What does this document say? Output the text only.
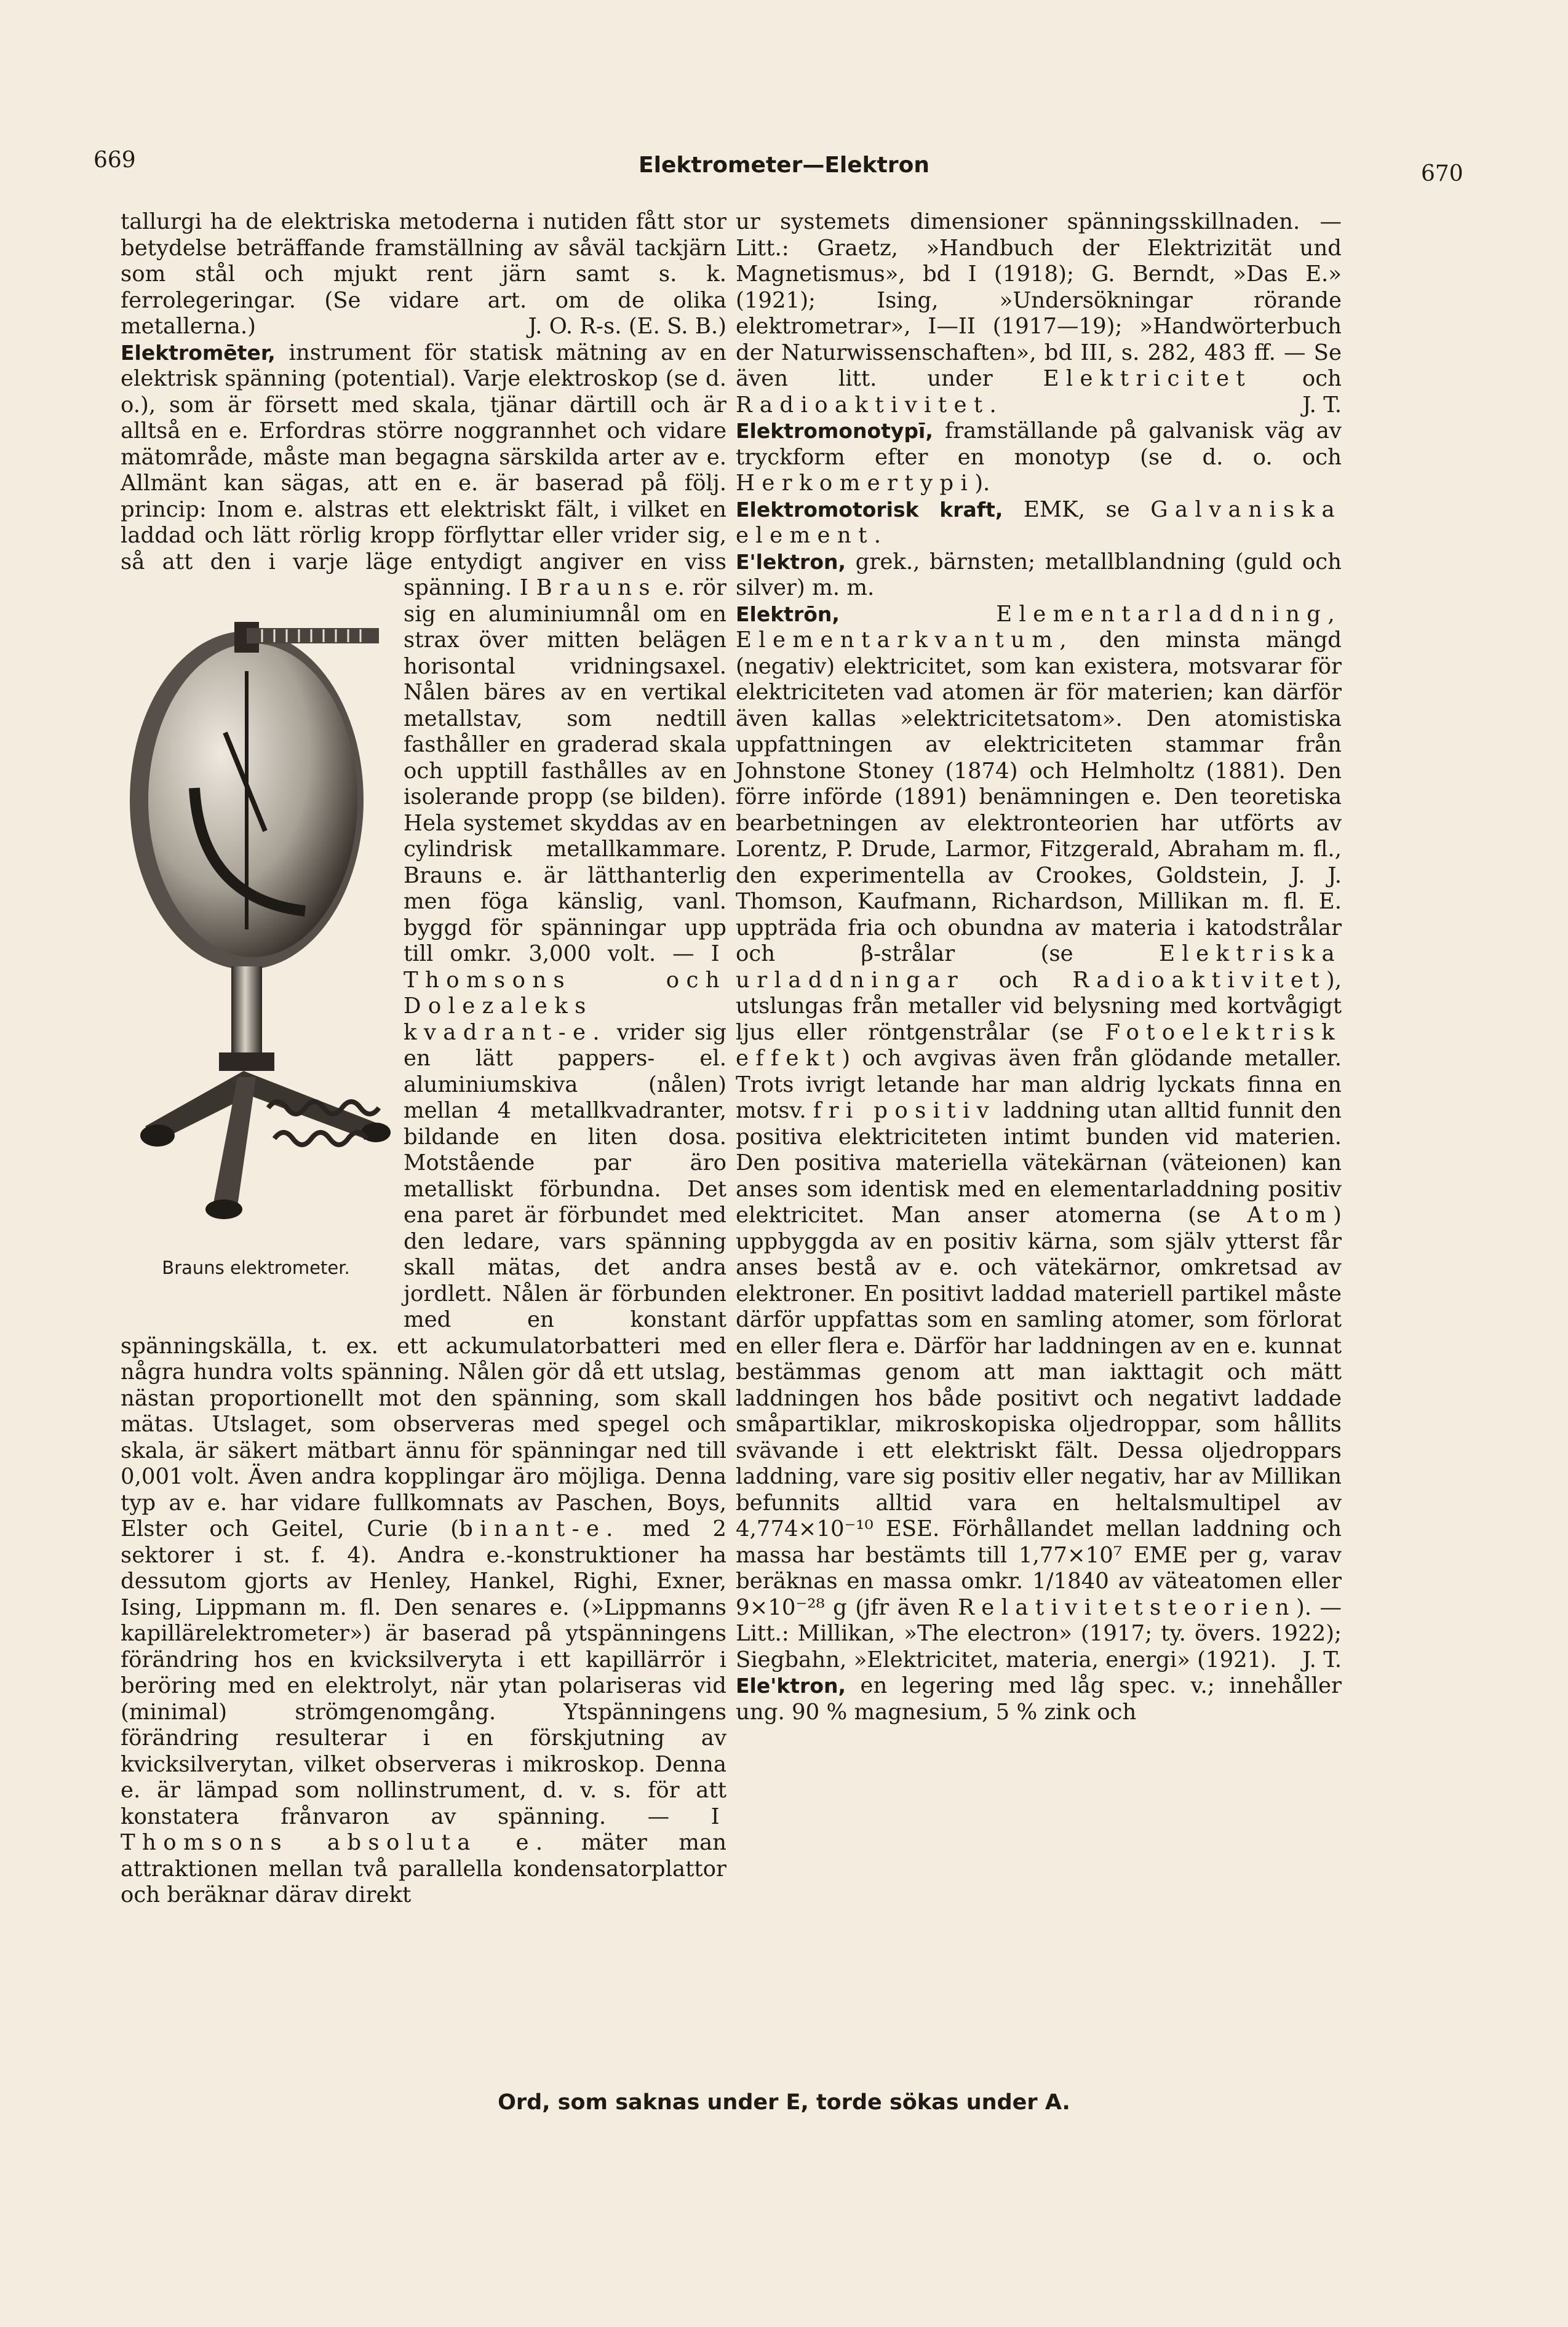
669	Elektrometer—Elektron	670

tallurgi ha de elektriska metoderna i nutiden fått stor betydelse beträffande framställning av såväl tackjärn som stål och mjukt rent järn samt s. k. ferrolegeringar. (Se vidare art. om de olika metallerna.)	J. O. R-s. (E. S. B.)

Elektromēter, instrument för statisk mätning av en elektrisk spänning (potential). Varje elektroskop (se d. o.), som är försett med skala, tjänar därtill och är alltså en e. Erfordras större noggrannhet och vidare mätområde, måste man begagna särskilda arter av e. Allmänt kan sägas, att en e. är baserad på följ. princip: Inom e. alstras ett elektriskt fält, i vilket en laddad och lätt rörlig kropp förflyttar eller vrider sig, så att den i varje läge entydigt angiver en viss spänning. I
Brauns elektrometer.
Brauns e. rör sig en aluminiumnål om en strax över mitten belägen horisontal vridningsaxel. Nålen bäres av en vertikal metallstav, som nedtill fasthåller en graderad skala och upptill fasthålles av en isolerande propp (se bilden). Hela systemet skyddas av en cylindrisk metallkammare. Brauns e. är lätthanterlig men föga känslig, vanl. byggd för spänningar upp till omkr. 3,000 volt. — I Thomsons och Dolezaleks kvadrant-e. vrider sig en lätt pappers- el. aluminiumskiva (nålen) mellan 4 metallkvadranter, bildande en liten dosa. Motstående par äro metalliskt förbundna. Det ena paret är förbundet med den ledare, vars spänning skall mätas, det andra jordlett. Nålen är förbunden med en konstant spänningskälla, t. ex. ett ackumulatorbatteri med några hundra volts spänning. Nålen gör då ett utslag, nästan proportionellt mot den spänning, som skall mätas. Utslaget, som observeras med spegel och skala, är säkert mätbart ännu för spänningar ned till 0,001 volt. Även andra kopplingar äro möjliga. Denna typ av e. har vidare fullkomnats av Paschen, Boys, Elster och Geitel, Curie (binant-e. med 2 sektorer i st. f. 4). Andra e.-konstruktioner ha dessutom gjorts av Henley, Hankel, Righi, Exner, Ising, Lippmann m. fl. Den senares e. (»Lippmanns kapillärelektrometer») är baserad på ytspänningens förändring hos en kvicksilveryta i ett kapillärrör i beröring med en elektrolyt, när ytan polariseras vid (minimal) strömgenomgång. Ytspänningens förändring resulterar i en förskjutning av kvicksilverytan, vilket observeras i mikroskop. Denna e. är lämpad som nollinstrument, d. v. s. för att konstatera frånvaron av spänning. — I Thomsons absoluta e. mäter man attraktionen mellan två parallella kondensatorplattor och beräknar därav direkt

ur systemets dimensioner spänningsskillnaden. — Litt.: Graetz, »Handbuch der Elektrizität und Magnetismus», bd I (1918); G. Berndt, »Das E.» (1921); Ising, »Undersökningar rörande elektrometrar», I—II (1917—19); »Handwörterbuch der Naturwissenschaften», bd III, s. 282, 483 ff. — Se även litt. under Elektricitet och Radioaktivitet.	J. T.

Elektromonotypī, framställande på galvanisk väg av tryckform efter en monotyp (se d. o. och Herkomertypi).

Elektromotorisk kraft, EMK, se Galvaniska element.

E'lektron, grek., bärnsten; metallblandning (guld och silver) m. m.

Elektrōn,	Elementarladdning, Elementarkvantum, den minsta mängd (negativ) elektricitet, som kan existera, motsvarar för elektriciteten vad atomen är för materien; kan därför även kallas »elektricitetsatom». Den atomistiska uppfattningen av elektriciteten stammar från Johnstone Stoney (1874) och Helmholtz (1881). Den förre införde (1891) benämningen e. Den teoretiska bearbetningen av elektronteorien har utförts av Lorentz, P. Drude, Larmor, Fitzgerald, Abraham m. fl., den experimentella av Crookes, Goldstein, J. J. Thomson, Kaufmann, Richardson, Millikan m. fl. E. uppträda fria och obundna av materia i katodstrålar och β-strålar (se Elektriska urladdningar och Radioaktivitet), utslungas från metaller vid belysning med kortvågigt ljus eller röntgenstrålar (se Fotoelektrisk effekt) och avgivas även från glödande metaller. Trots ivrigt letande har man aldrig lyckats finna en motsv. fri positiv laddning utan alltid funnit den positiva elektriciteten intimt bunden vid materien. Den positiva materiella vätekärnan (väteionen) kan anses som identisk med en elementarladdning positiv elektricitet. Man anser atomerna (se Atom) uppbyggda av en positiv kärna, som själv ytterst får anses bestå av e. och vätekärnor, omkretsad av elektroner. En positivt laddad materiell partikel måste därför uppfattas som en samling atomer, som förlorat en eller flera e. Därför har laddningen av en e. kunnat bestämmas genom att man iakttagit och mätt laddningen hos både positivt och negativt laddade småpartiklar, mikroskopiska oljedroppar, som hållits svävande i ett elektriskt fält. Dessa oljedroppars laddning, vare sig positiv eller negativ, har av Millikan befunnits alltid vara en heltalsmultipel av 4,774×10⁻¹⁰ ESE. Förhållandet mellan laddning och massa har bestämts till 1,77×10⁷ EME per g, varav beräknas en massa omkr. 1/1840 av väteatomen eller 9×10⁻²⁸ g (jfr även Relativitetsteorien). — Litt.: Millikan, »The electron» (1917; ty. övers. 1922); Siegbahn, »Elektricitet, materia, energi» (1921). J. T.

Ele'ktron, en legering med låg spec. v.; innehåller ung. 90 % magnesium, 5 % zink och

Ord, som saknas under E, torde sökas under A.
